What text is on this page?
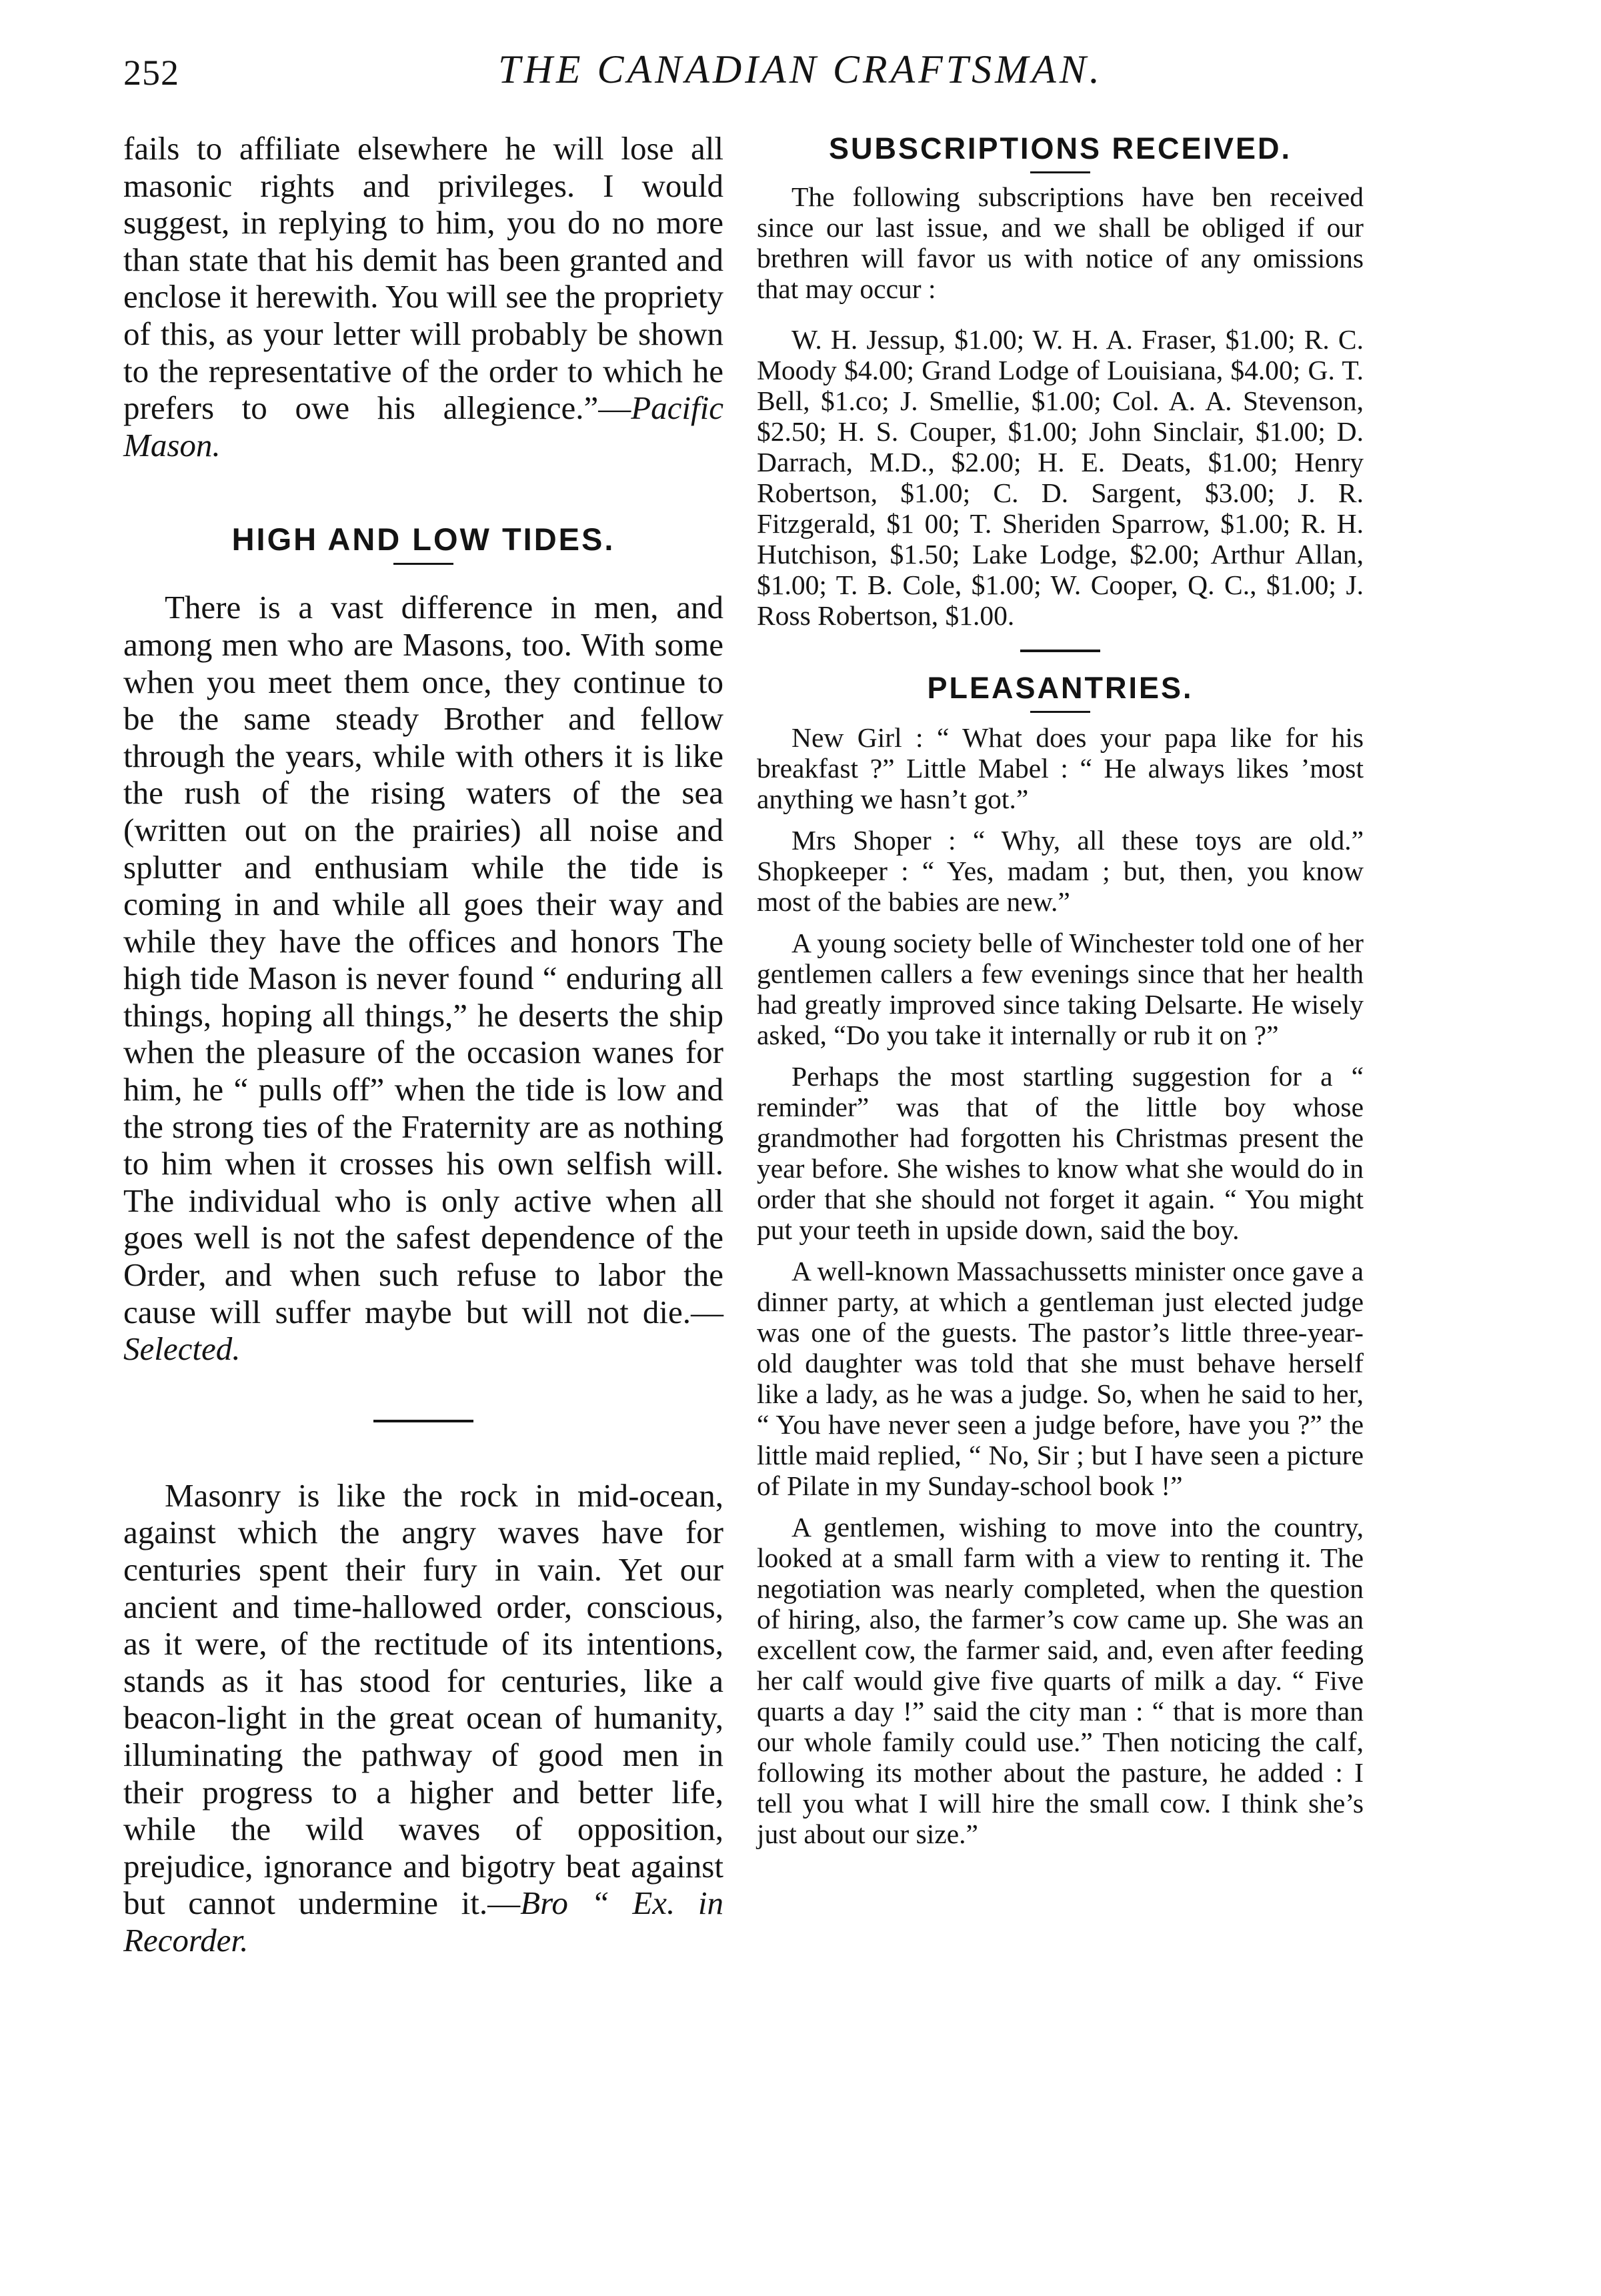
252	THE CANADIAN CRAFTSMAN.

fails to affiliate elsewhere he will lose all masonic rights and privileges. I would suggest, in replying to him, you do no more than state that his demit has been granted and enclose it herewith. You will see the propriety of this, as your letter will probably be shown to the representative of the order to which he prefers to owe his allegience.”—Pacific Mason.

HIGH AND LOW TIDES.

There is a vast difference in men, and among men who are Masons, too. With some when you meet them once, they continue to be the same steady Brother and fellow through the years, while with others it is like the rush of the rising waters of the sea (written out on the prairies) all noise and splutter and enthusiam while the tide is coming in and while all goes their way and while they have the offices and honors The high tide Mason is never found “ enduring all things, hoping all things,” he deserts the ship when the pleasure of the occasion wanes for him, he “ pulls off” when the tide is low and the strong ties of the Fraternity are as nothing to him when it crosses his own selfish will. The individual who is only active when all goes well is not the safest dependence of the Order, and when such refuse to labor the cause will suffer maybe but will not die.—Selected.

Masonry is like the rock in mid-ocean, against which the angry waves have for centuries spent their fury in vain. Yet our ancient and time-hallowed order, conscious, as it were, of the rectitude of its intentions, stands as it has stood for centuries, like a beacon-light in the great ocean of humanity, illuminating the pathway of good men in their progress to a higher and better life, while the wild waves of opposition, prejudice, ignorance and bigotry beat against but cannot undermine it.—Bro “ Ex. in Recorder.

SUBSCRIPTIONS RECEIVED.

The following subscriptions have ben received since our last issue, and we shall be obliged if our brethren will favor us with notice of any omissions that may occur :

W. H. Jessup, $1.00; W. H. A. Fraser, $1.00; R. C. Moody $4.00; Grand Lodge of Louisiana, $4.00; G. T. Bell, $1.co; J. Smellie, $1.00; Col. A. A. Stevenson, $2.50; H. S. Couper, $1.00; John Sinclair, $1.00; D. Darrach, M.D., $2.00; H. E. Deats, $1.00; Henry Robertson, $1.00; C. D. Sargent, $3.00; J. R. Fitzgerald, $1 00; T. Sheriden Sparrow, $1.00; R. H. Hutchison, $1.50; Lake Lodge, $2.00; Arthur Allan, $1.00; T. B. Cole, $1.00; W. Cooper, Q. C., $1.00; J. Ross Robertson, $1.00.

PLEASANTRIES.

New Girl : “ What does your papa like for his breakfast ?” Little Mabel : “ He always likes ’most anything we hasn’t got.”

Mrs Shoper : “ Why, all these toys are old.” Shopkeeper : “ Yes, madam ; but, then, you know most of the babies are new.”

A young society belle of Winchester told one of her gentlemen callers a few evenings since that her health had greatly improved since taking Delsarte. He wisely asked, “Do you take it internally or rub it on ?”

Perhaps the most startling suggestion for a “ reminder” was that of the little boy whose grandmother had forgotten his Christmas present the year before. She wishes to know what she would do in order that she should not forget it again. “ You might put your teeth in upside down, said the boy.

A well-known Massachussetts minister once gave a dinner party, at which a gentleman just elected judge was one of the guests. The pastor’s little three-year-old daughter was told that she must behave herself like a lady, as he was a judge. So, when he said to her, “ You have never seen a judge before, have you ?” the little maid replied, “ No, Sir ; but I have seen a picture of Pilate in my Sunday-school book !”

A gentlemen, wishing to move into the country, looked at a small farm with a view to renting it. The negotiation was nearly completed, when the question of hiring, also, the farmer’s cow came up. She was an excellent cow, the farmer said, and, even after feeding her calf would give five quarts of milk a day. “ Five quarts a day !” said the city man : “ that is more than our whole family could use.” Then noticing the calf, following its mother about the pasture, he added : I tell you what I will hire the small cow. I think she’s just about our size.”
